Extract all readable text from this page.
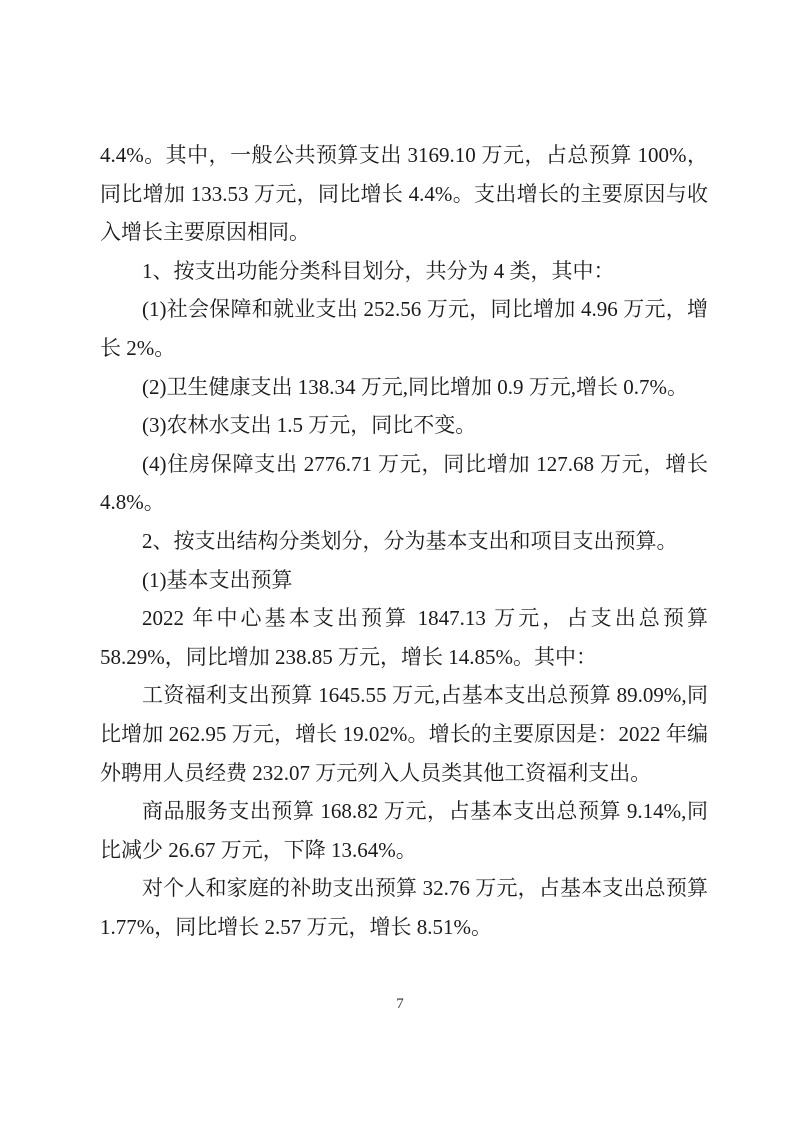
4.4%。其中，一般公共预算支出 3169.10 万元，占总预算 100%，同比增加 133.53 万元，同比增长 4.4%。支出增长的主要原因与收入增长主要原因相同。

1、按支出功能分类科目划分，共分为 4 类，其中：

(1)社会保障和就业支出 252.56 万元，同比增加 4.96 万元，增长 2%。

(2)卫生健康支出 138.34 万元,同比增加 0.9 万元,增长 0.7%。

(3)农林水支出 1.5 万元，同比不变。

(4)住房保障支出 2776.71 万元，同比增加 127.68 万元，增长 4.8%。

2、按支出结构分类划分，分为基本支出和项目支出预算。

(1)基本支出预算

2022 年中心基本支出预算 1847.13 万元，占支出总预算 58.29%，同比增加 238.85 万元，增长 14.85%。其中：

工资福利支出预算 1645.55 万元,占基本支出总预算 89.09%,同比增加 262.95 万元，增长 19.02%。增长的主要原因是：2022 年编外聘用人员经费 232.07 万元列入人员类其他工资福利支出。

商品服务支出预算 168.82 万元，占基本支出总预算 9.14%,同比减少 26.67 万元，下降 13.64%。

对个人和家庭的补助支出预算 32.76 万元，占基本支出总预算 1.77%，同比增长 2.57 万元，增长 8.51%。

7
